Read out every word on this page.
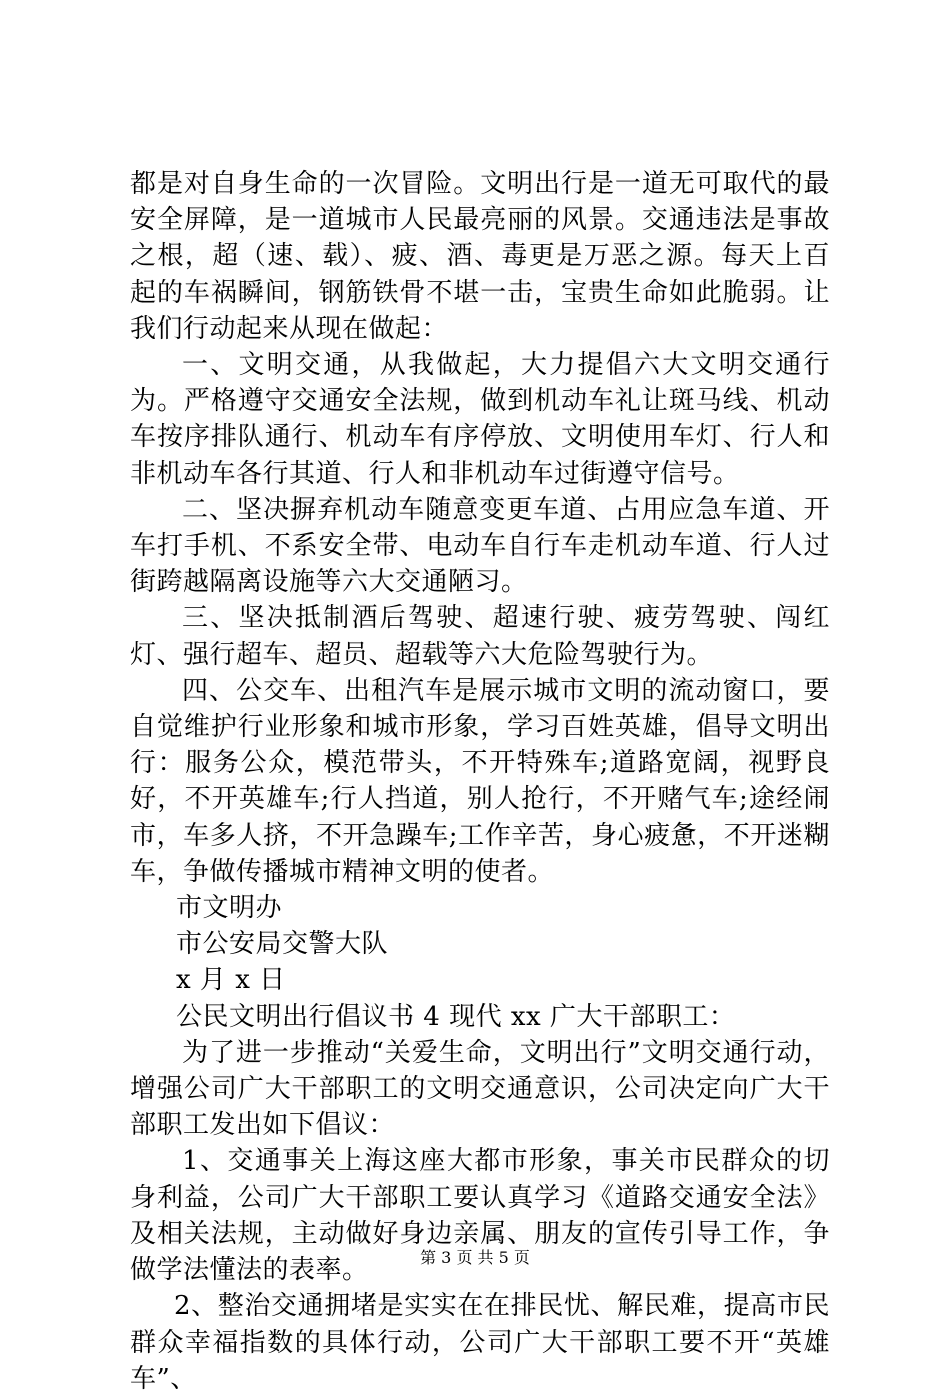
都是对自身生命的一次冒险。文明出行是一道无可取代的最安全屏障，是一道城市人民最亮丽的风景。交通违法是事故之根，超（速、载）、疲、酒、毒更是万恶之源。每天上百起的车祸瞬间，钢筋铁骨不堪一击，宝贵生命如此脆弱。让我们行动起来从现在做起：

一、文明交通，从我做起，大力提倡六大文明交通行为。严格遵守交通安全法规，做到机动车礼让斑马线、机动车按序排队通行、机动车有序停放、文明使用车灯、行人和非机动车各行其道、行人和非机动车过街遵守信号。

二、坚决摒弃机动车随意变更车道、占用应急车道、开车打手机、不系安全带、电动车自行车走机动车道、行人过街跨越隔离设施等六大交通陋习。

三、坚决抵制酒后驾驶、超速行驶、疲劳驾驶、闯红灯、强行超车、超员、超载等六大危险驾驶行为。

四、公交车、出租汽车是展示城市文明的流动窗口，要自觉维护行业形象和城市形象，学习百姓英雄，倡导文明出行：服务公众，模范带头，不开特殊车;道路宽阔，视野良好，不开英雄车;行人挡道，别人抢行，不开赌气车;途经闹市，车多人挤，不开急躁车;工作辛苦，身心疲惫，不开迷糊车，争做传播城市精神文明的使者。

市文明办

市公安局交警大队

x 月 x 日

公民文明出行倡议书 4 现代 xx 广大干部职工：

为了进一步推动“关爱生命，文明出行”文明交通行动，增强公司广大干部职工的文明交通意识，公司决定向广大干部职工发出如下倡议：

1、交通事关上海这座大都市形象，事关市民群众的切身利益，公司广大干部职工要认真学习《道路交通安全法》及相关法规，主动做好身边亲属、朋友的宣传引导工作，争做学法懂法的表率。

2、整治交通拥堵是实实在在排民忧、解民难，提高市民群众幸福指数的具体行动，公司广大干部职工要不开“英雄车”、

第 3 页 共 5 页
